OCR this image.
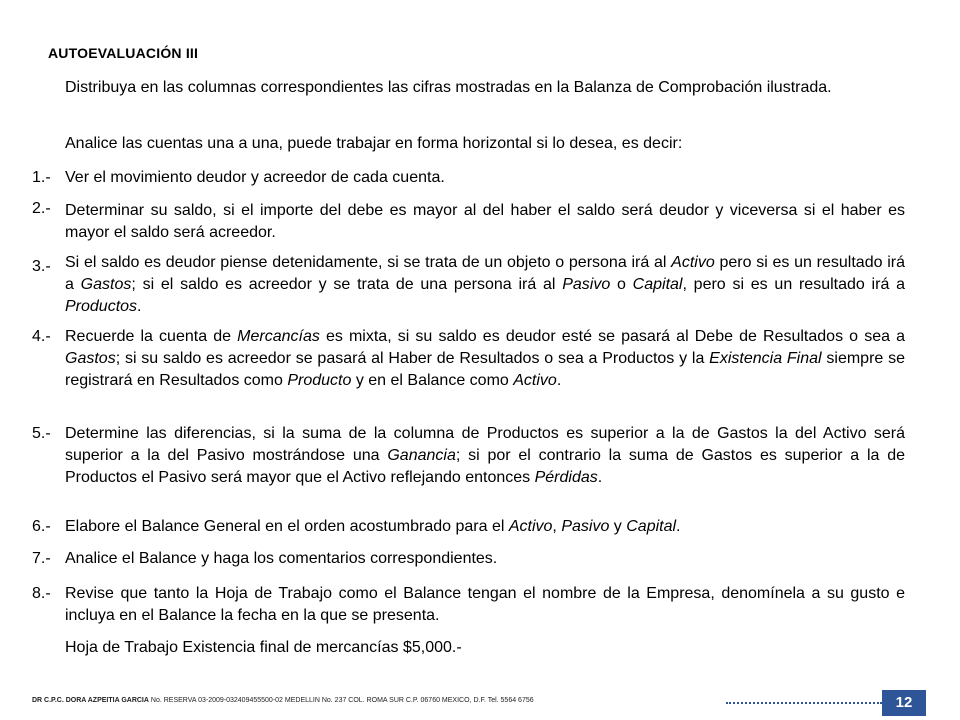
AUTOEVALUACIÓN III
Distribuya en las columnas correspondientes las cifras mostradas en la Balanza de Comprobación ilustrada.
Analice las cuentas una a una, puede trabajar en forma horizontal si lo desea, es decir:
1.- Ver el movimiento deudor y acreedor de cada cuenta.
2.- Determinar su saldo, si el importe del debe es mayor al del haber el saldo será deudor y viceversa si el haber es mayor el saldo será acreedor.
3.- Si el saldo es deudor piense detenidamente, si se trata de un objeto o persona irá al Activo pero si es un resultado irá a Gastos; si el saldo es acreedor y se trata de una persona irá al Pasivo o Capital, pero si es un resultado irá a Productos.
4.- Recuerde la cuenta de Mercancías es mixta, si su saldo es deudor esté se pasará al Debe de Resultados o sea a Gastos; si su saldo es acreedor se pasará al Haber de Resultados o sea a Productos y la Existencia Final siempre se registrará en Resultados como Producto y en el Balance como Activo.
5.- Determine las diferencias, si la suma de la columna de Productos es superior a la de Gastos la del Activo será superior a la del Pasivo mostrándose una Ganancia; si por el contrario la suma de Gastos es superior a la de Productos el Pasivo será mayor que el Activo reflejando entonces Pérdidas.
6.- Elabore el Balance General en el orden acostumbrado para el Activo, Pasivo y Capital.
7.- Analice el Balance y haga los comentarios correspondientes.
8.- Revise que tanto la Hoja de Trabajo como el Balance tengan el nombre de la Empresa, denomínela a su gusto e incluya en el Balance la fecha en la que se presenta.
Hoja de Trabajo Existencia final de mercancías $5,000.-
DR C.P.C. DORA AZPEITIA GARCIA No. RESERVA 03-2009-032409455500-02 MEDELLIN No. 237 COL. ROMA SUR C.P. 06760 MEXICO, D.F. Tel. 5564 6756	12
